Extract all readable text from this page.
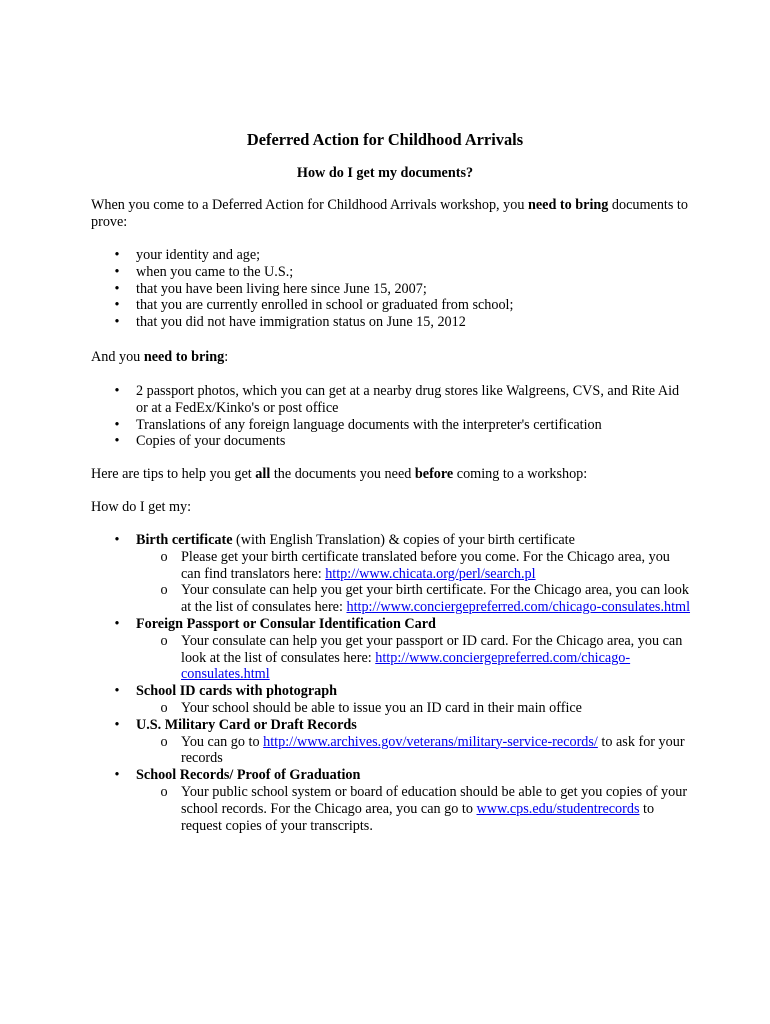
Deferred Action for Childhood Arrivals
How do I get my documents?
When you come to a Deferred Action for Childhood Arrivals workshop, you need to bring documents to prove:
• your identity and age;
• when you came to the U.S.;
• that you have been living here since June 15, 2007;
• that you are currently enrolled in school or graduated from school;
• that you did not have immigration status on June 15, 2012
And you need to bring:
• 2 passport photos, which you can get at a nearby drug stores like Walgreens, CVS, and Rite Aid or at a FedEx/Kinko's or post office
• Translations of any foreign language documents with the interpreter's certification
• Copies of your documents
Here are tips to help you get all the documents you need before coming to a workshop:
How do I get my:
• Birth certificate (with English Translation) & copies of your birth certificate
o Please get your birth certificate translated before you come. For the Chicago area, you can find translators here: http://www.chicata.org/perl/search.pl
o Your consulate can help you get your birth certificate. For the Chicago area, you can look at the list of consulates here: http://www.conciergepreferred.com/chicago-consulates.html
• Foreign Passport or Consular Identification Card
o Your consulate can help you get your passport or ID card. For the Chicago area, you can look at the list of consulates here: http://www.conciergepreferred.com/chicago-consulates.html
• School ID cards with photograph
o Your school should be able to issue you an ID card in their main office
• U.S. Military Card or Draft Records
o You can go to http://www.archives.gov/veterans/military-service-records/ to ask for your records
• School Records/ Proof of Graduation
o Your public school system or board of education should be able to get you copies of your school records. For the Chicago area, you can go to www.cps.edu/studentrecords to request copies of your transcripts.
